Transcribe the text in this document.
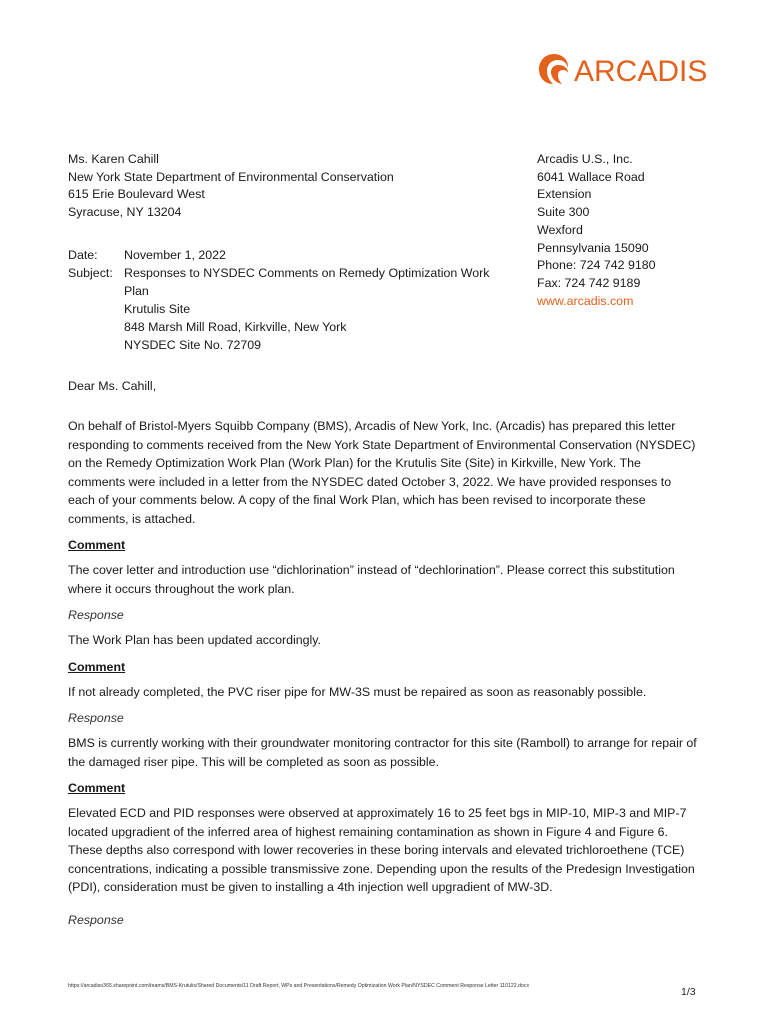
ARCADIS
Ms. Karen Cahill
New York State Department of Environmental Conservation
615 Erie Boulevard West
Syracuse, NY 13204
Date:	November 1, 2022
Subject: Responses to NYSDEC Comments on Remedy Optimization Work Plan
Krutulis Site
848 Marsh Mill Road, Kirkville, New York
NYSDEC Site No. 72709
Arcadis U.S., Inc.
6041 Wallace Road
Extension
Suite 300
Wexford
Pennsylvania 15090
Phone: 724 742 9180
Fax: 724 742 9189
www.arcadis.com

Dear Ms. Cahill,

On behalf of Bristol-Myers Squibb Company (BMS), Arcadis of New York, Inc. (Arcadis) has prepared this letter responding to comments received from the New York State Department of Environmental Conservation (NYSDEC) on the Remedy Optimization Work Plan (Work Plan) for the Krutulis Site (Site) in Kirkville, New York. The comments were included in a letter from the NYSDEC dated October 3, 2022. We have provided responses to each of your comments below. A copy of the final Work Plan, which has been revised to incorporate these comments, is attached.

Comment

The cover letter and introduction use “dichlorination” instead of “dechlorination”. Please correct this substitution where it occurs throughout the work plan.

Response

The Work Plan has been updated accordingly.

Comment

If not already completed, the PVC riser pipe for MW-3S must be repaired as soon as reasonably possible.

Response

BMS is currently working with their groundwater monitoring contractor for this site (Ramboll) to arrange for repair of the damaged riser pipe. This will be completed as soon as possible.

Comment

Elevated ECD and PID responses were observed at approximately 16 to 25 feet bgs in MIP-10, MIP-3 and MIP-7 located upgradient of the inferred area of highest remaining contamination as shown in Figure 4 and Figure 6. These depths also correspond with lower recoveries in these boring intervals and elevated trichloroethene (TCE) concentrations, indicating a possible transmissive zone. Depending upon the results of the Predesign Investigation (PDI), consideration must be given to installing a 4th injection well upgradient of MW-3D.

Response
https://arcadiso365.sharepoint.com/teams/BMS-Krutulis/Shared Documents/11 Draft Report, WPs and Presentations/Remedy Optimization Work Plan/NYSDEC Comment Response Letter 110122.docx	1/3
